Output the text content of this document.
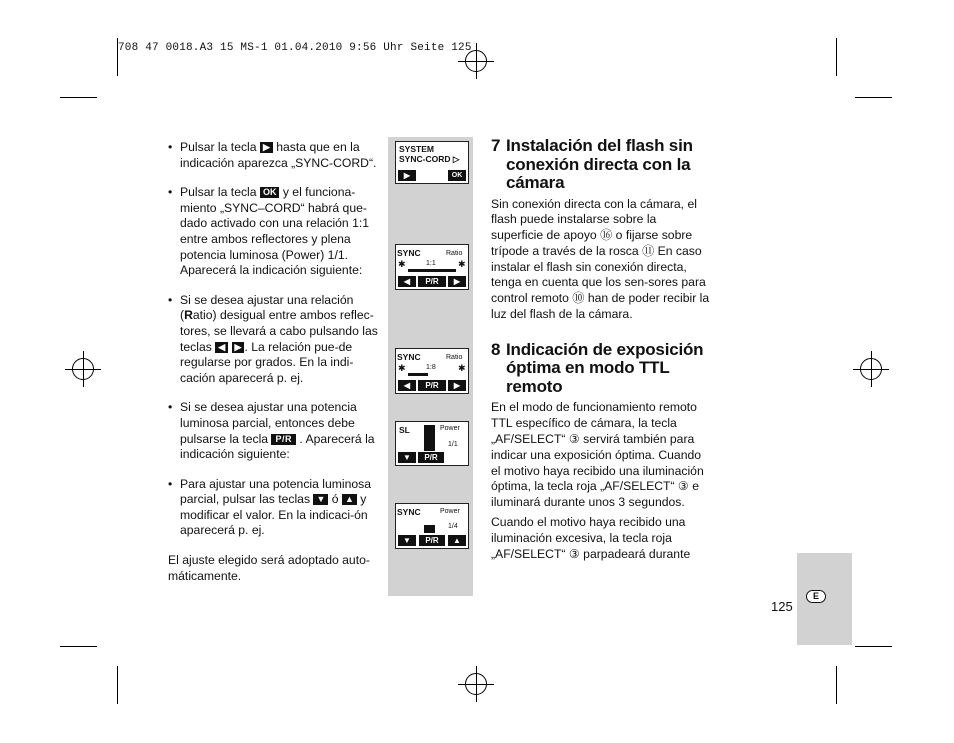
708 47 0018.A3 15 MS-1 01.04.2010 9:56 Uhr Seite 125
• Pulsar la tecla ▶ hasta que en la indicación aparezca „SYNC-CORD“.
• Pulsar la tecla OK y el funciona-miento „SYNC–CORD“ habrá que-dado activado con una relación 1:1 entre ambos reflectores y plena potencia luminosa (Power) 1/1. Aparecerá la indicación siguiente:
• Si se desea ajustar una relación (Ratio) desigual entre ambos reflec-tores, se llevará a cabo pulsando las teclas ◀ ▶ . La relación pue-de regularse por grados. En la indi-cación aparecerá p. ej.
• Si se desea ajustar una potencia luminosa parcial, entonces debe pulsarse la tecla P/R . Aparecerá la indicación siguiente:
• Para ajustar una potencia luminosa parcial, pulsar las teclas ▼ ó ▲ y modificar el valor. En la indicaci-ón aparecerá p. ej.
El ajuste elegido será adoptado auto-máticamente.
SYSTEM
SYNC-CORD ▷
▶	OK
SYNC	Ratio
1:1
✱	✱
◀	P/R	▶
SYNC	Ratio
1:8
✱	✱
◀	P/R	▶
SL	Power
1/1
▼	P/R
SYNC	Power
1/4
▼	P/R	▲
7 Instalación del flash sin conexión directa con la cámara

Sin conexión directa con la cámara, el flash puede instalarse sobre la superficie de apoyo ⑯ o fijarse sobre trípode a través de la rosca ⑪ En caso instalar el flash sin conexión directa, tenga en cuenta que los sen-sores para control remoto ⑩ han de poder recibir la luz del flash de la cámara.

8 Indicación de exposición óptima en modo TTL remoto

En el modo de funcionamiento remoto TTL específico de cámara, la tecla „AF/SELECT“ ③ servirá también para indicar una exposición óptima. Cuando el motivo haya recibido una iluminación óptima, la tecla roja „AF/SELECT“ ③ e iluminará durante unos 3 segundos.

Cuando el motivo haya recibido una iluminación excesiva, la tecla roja „AF/SELECT“ ③ parpadeará durante

E
125
